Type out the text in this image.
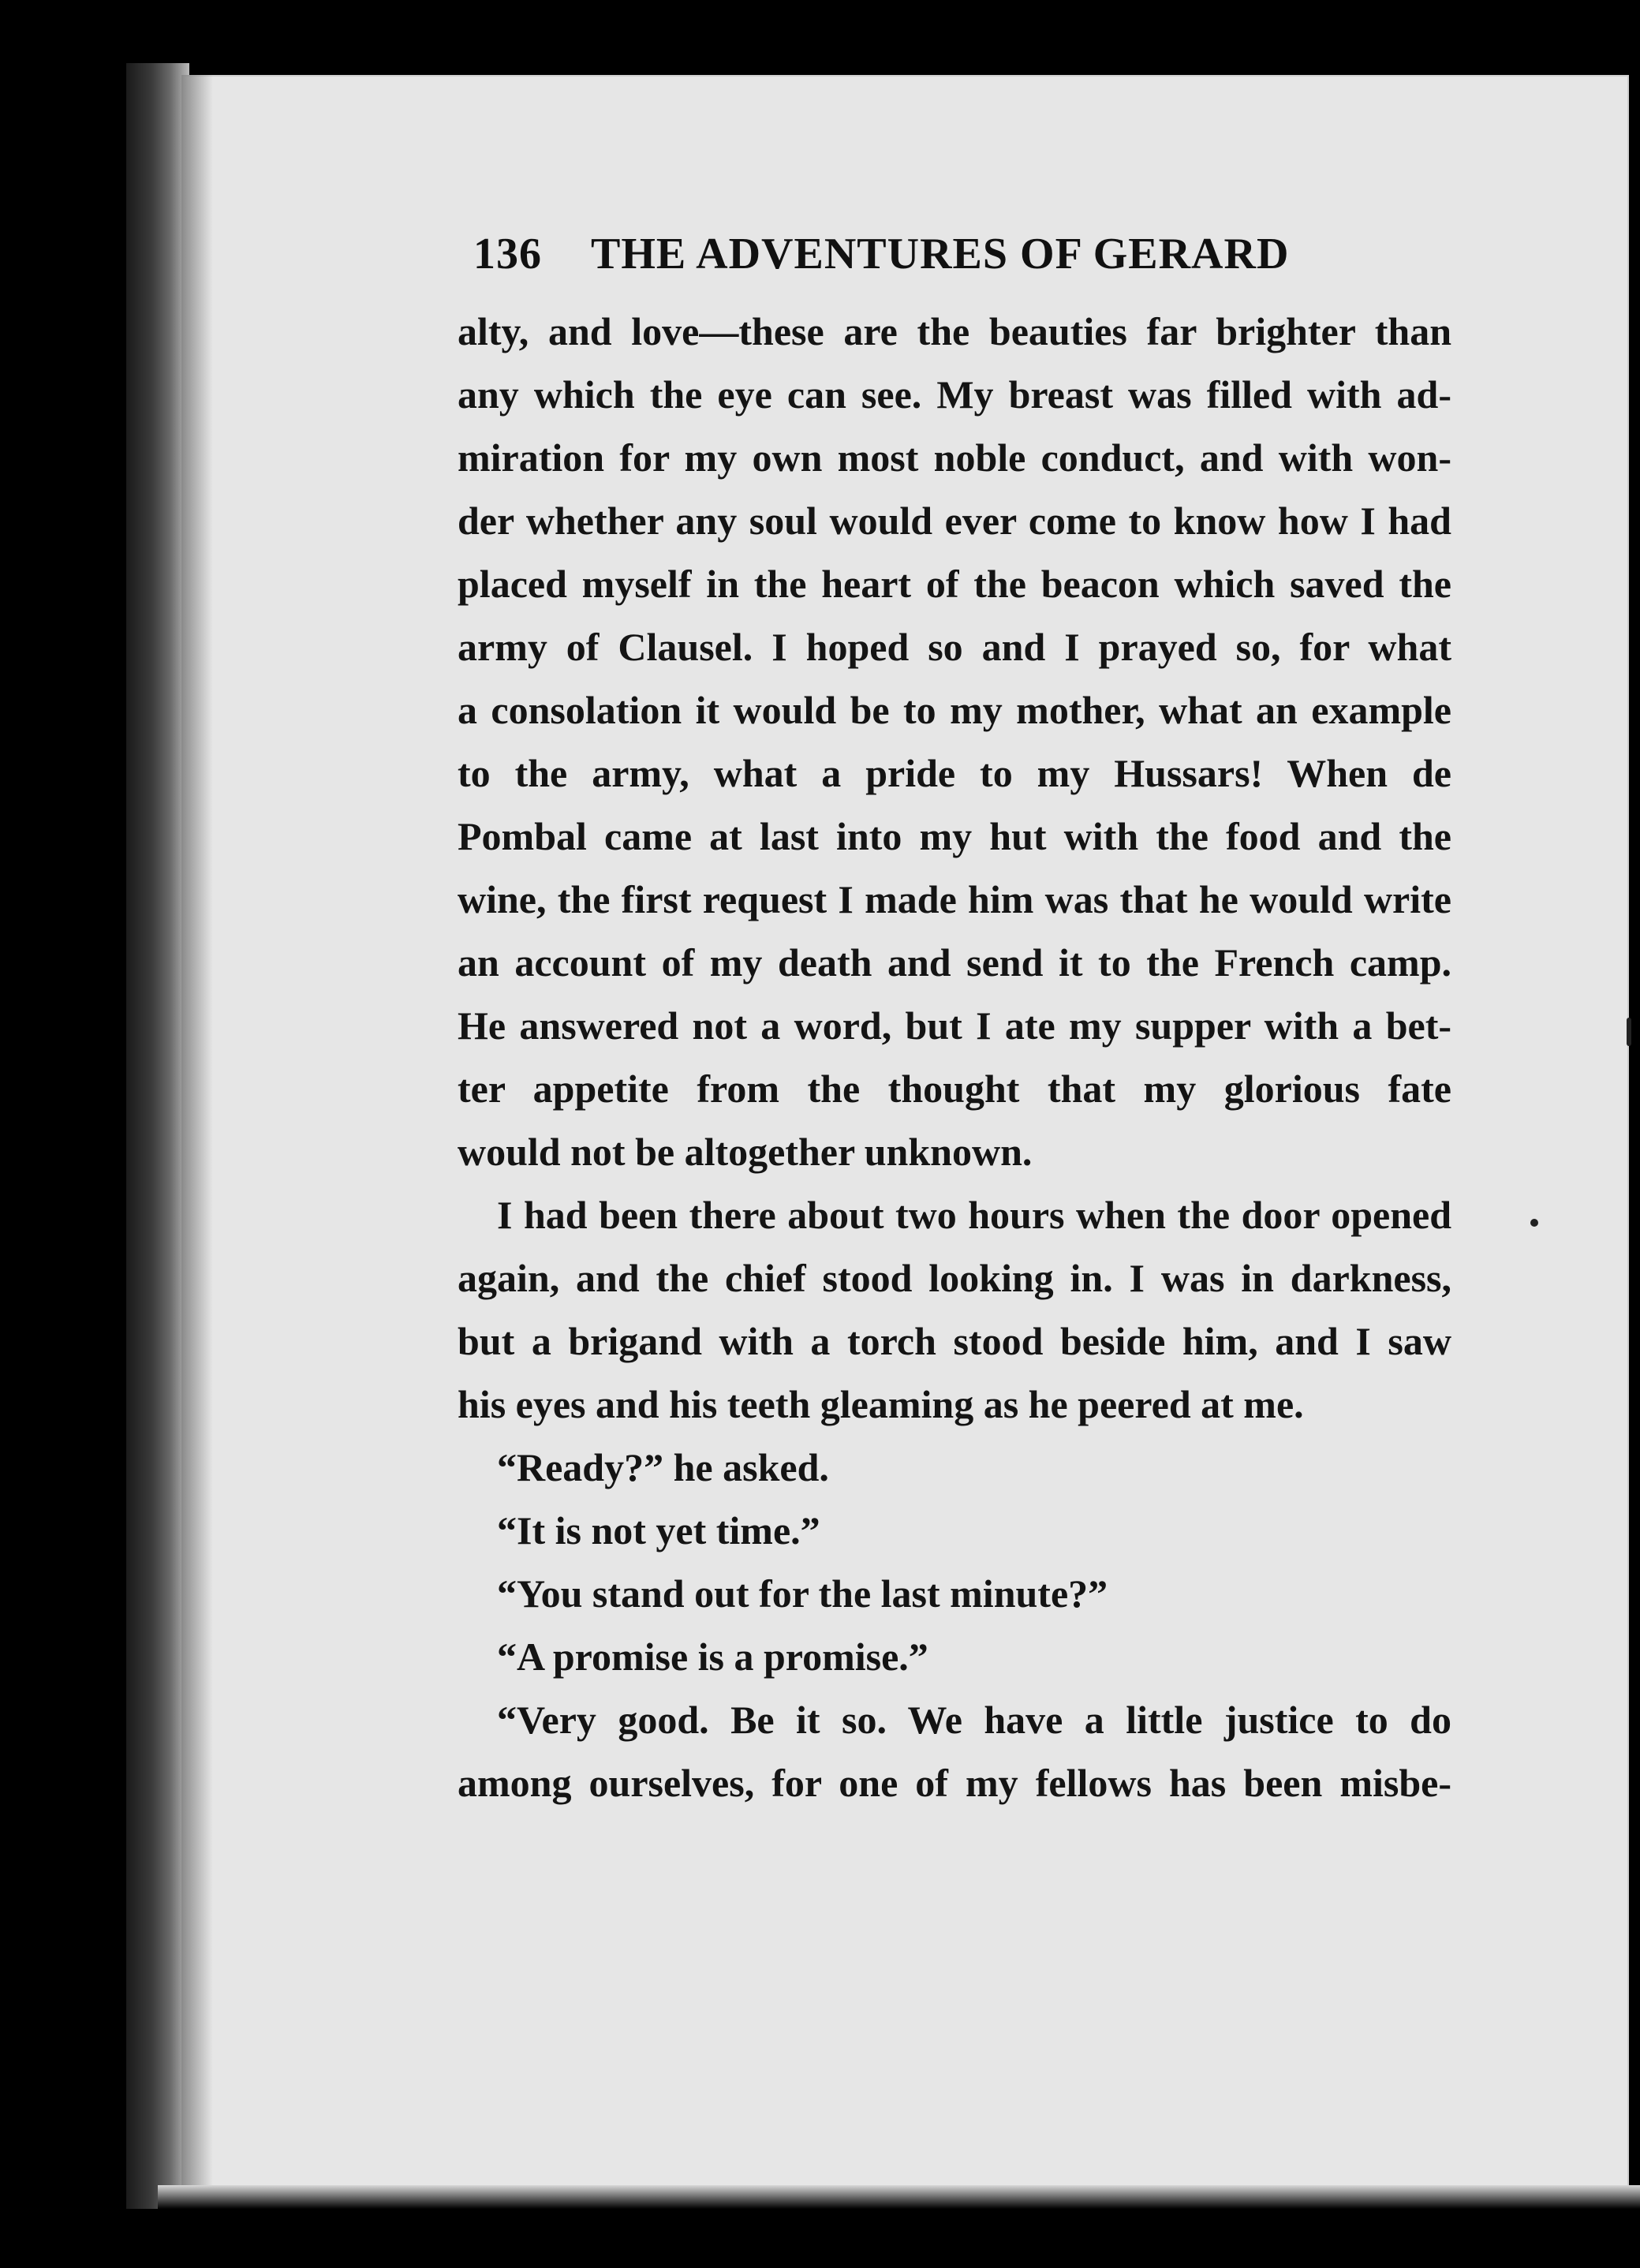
136 THE ADVENTURES OF GERARD
alty, and love—these are the beauties far brighter than
any which the eye can see. My breast was filled with ad-
miration for my own most noble conduct, and with won-
der whether any soul would ever come to know how I had
placed myself in the heart of the beacon which saved the
army of Clausel. I hoped so and I prayed so, for what
a consolation it would be to my mother, what an example
to the army, what a pride to my Hussars! When de
Pombal came at last into my hut with the food and the
wine, the first request I made him was that he would write
an account of my death and send it to the French camp.
He answered not a word, but I ate my supper with a bet-
ter appetite from the thought that my glorious fate
would not be altogether unknown.
I had been there about two hours when the door opened
again, and the chief stood looking in. I was in darkness,
but a brigand with a torch stood beside him, and I saw
his eyes and his teeth gleaming as he peered at me.
“Ready?” he asked.
“It is not yet time.”
“You stand out for the last minute?”
“A promise is a promise.”
“Very good. Be it so. We have a little justice to do
among ourselves, for one of my fellows has been misbe-
